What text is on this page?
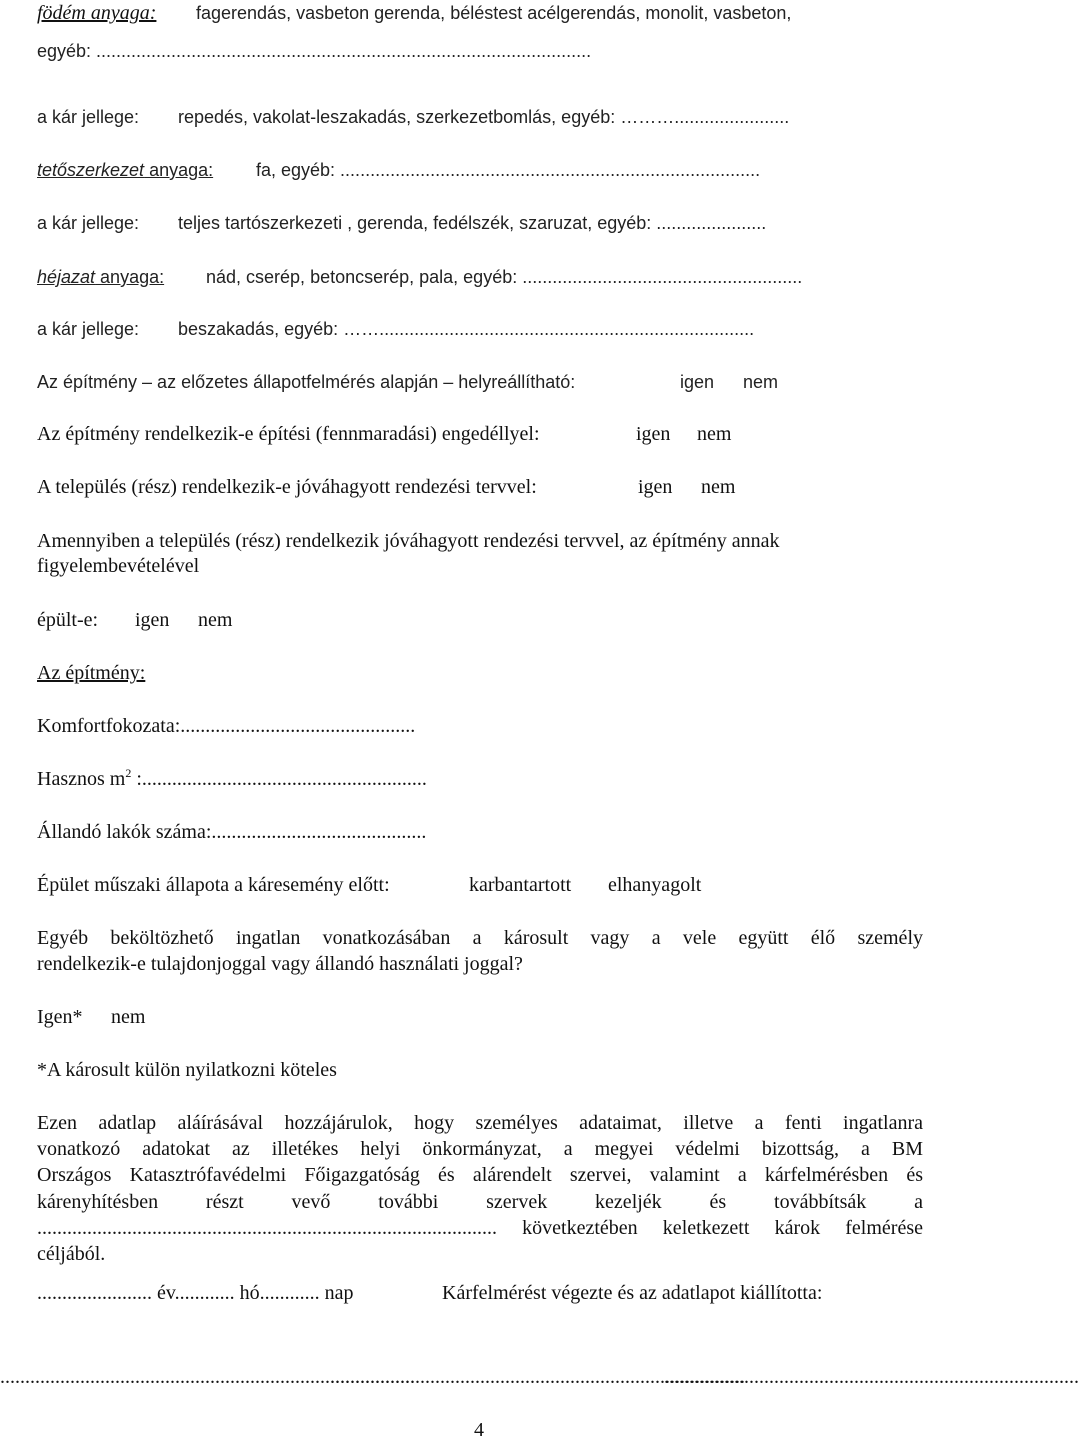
födém anyaga: fagerendás, vasbeton gerenda, béléstest acélgerendás, monolit, vasbeton,
egyéb: ...................................................................................................
a kár jellege: repedés, vakolat-leszakadás, szerkezetbomlás, egyéb: ……….......................
tetőszerkezet anyaga: fa, egyéb: ....................................................................................
a kár jellege: teljes tartószerkezeti , gerenda, fedélszék, szaruzat, egyéb: ......................
héjazat anyaga: nád, cserép, betoncserép, pala, egyéb: ........................................................
a kár jellege: beszakadás, egyéb: ……...........................................................................
Az építmény – az előzetes állapotfelmérés alapján – helyreállítható:	igen nem
Az építmény rendelkezik-e építési (fennmaradási) engedéllyel:	igen nem
A település (rész) rendelkezik-e jóváhagyott rendezési tervvel:	igen nem
Amennyiben a település (rész) rendelkezik jóváhagyott rendezési tervvel, az építmény annak
figyelembevételével
épült-e: igen nem
Az építmény:
Komfortfokozata:...............................................
Hasznos $m^2$ :.........................................................
Állandó lakók száma:...........................................
Épület műszaki állapota a káresemény előtt:	karbantartott elhanyagolt
Egyéb beköltözhető ingatlan vonatkozásában a károsult vagy a vele együtt élő személy
rendelkezik-e tulajdonjoggal vagy állandó használati joggal?
Igen* nem
*A károsult külön nyilatkozni köteles
Ezen adatlap aláírásával hozzájárulok, hogy személyes adataimat, illetve a fenti ingatlanra
vonatkozó adatokat az illetékes helyi önkormányzat, a megyei védelmi bizottság, a BM
Országos Katasztrófavédelmi Főigazgatóság és alárendelt szervei, valamint a kárfelmérésben és
kárenyhítésben részt vevő további szervek kezeljék és továbbítsák a
............................................................................................ következtében keletkezett károk felmérése
céljából.
....................... év............ hó............ nap	Kárfelmérést végezte és az adatlapot kiállította:
...................................................................................
...................................................................................
...................................................................................
4
